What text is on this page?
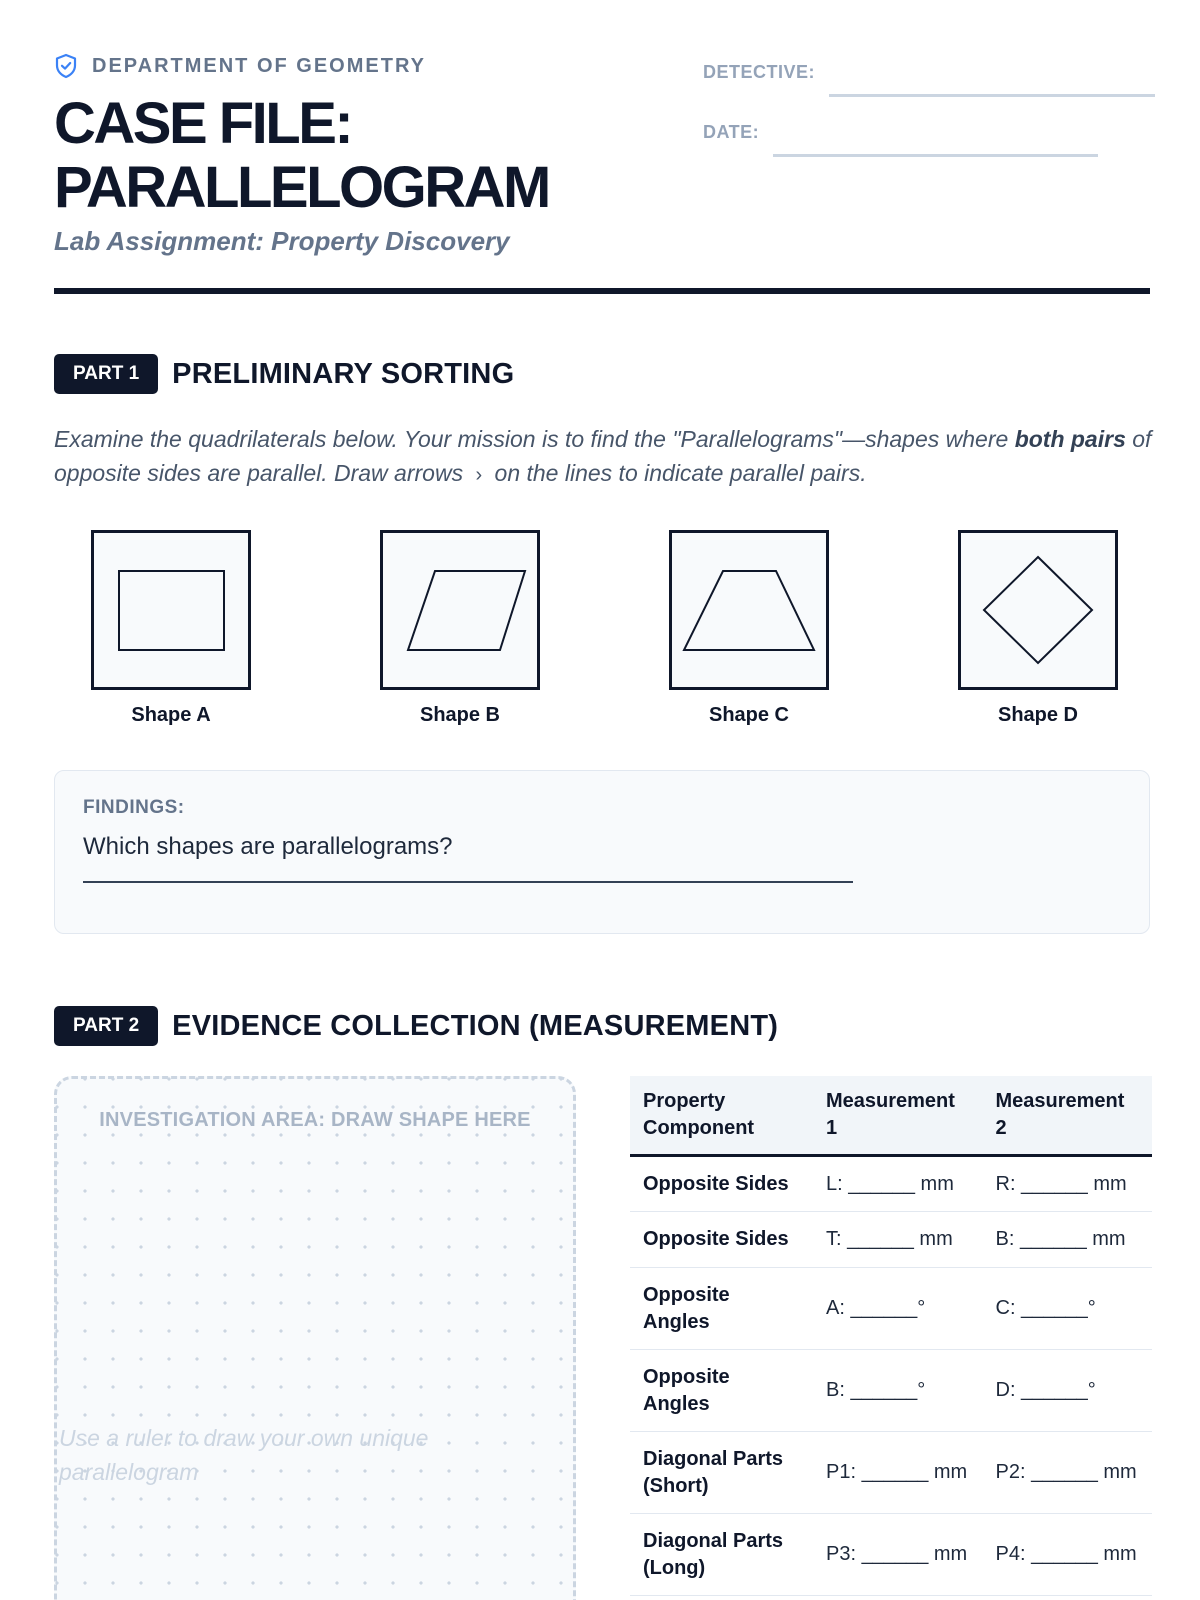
DEPARTMENT OF GEOMETRY
CASE FILE:
PARALLELOGRAM
Lab Assignment: Property Discovery
DETECTIVE:
DATE:
PART 1	PRELIMINARY SORTING

Examine the quadrilaterals below. Your mission is to find the "Parallelograms"—shapes where both pairs of opposite sides are parallel. Draw arrows › on the lines to indicate parallel pairs.

Shape A	Shape B	Shape C	Shape D
FINDINGS:
Which shapes are parallelograms?
PART 2	EVIDENCE COLLECTION (MEASUREMENT)
INVESTIGATION AREA: DRAW SHAPE HERE
Use a ruler to draw your own unique parallelogram
Property Component	Measurement 1	Measurement 2
Opposite Sides	L: ______ mm	R: ______ mm
Opposite Sides	T: ______ mm	B: ______ mm
Opposite Angles	A: ______°	C: ______°
Opposite Angles	B: ______°	D: ______°
Diagonal Parts (Short)	P1: ______ mm	P2: ______ mm
Diagonal Parts (Long)	P3: ______ mm	P4: ______ mm
